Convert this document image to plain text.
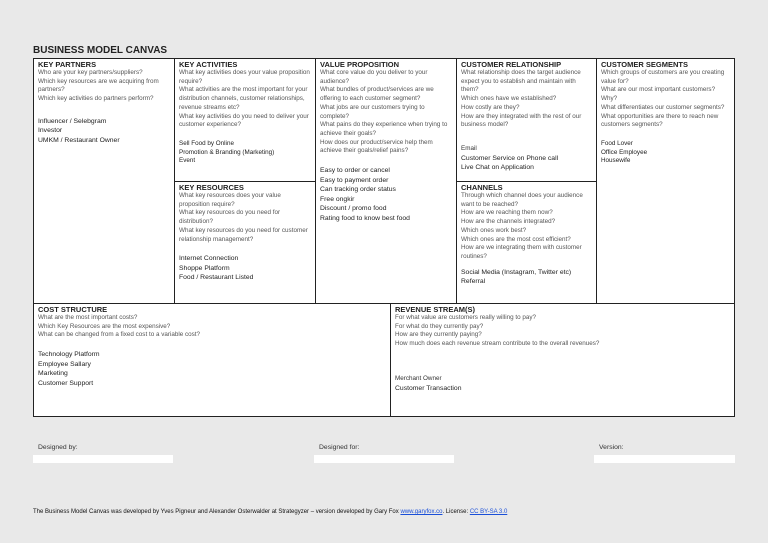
BUSINESS MODEL CANVAS
KEY PARTNERS

Who are your key partners/suppliers?

Which key resources are we acquiring from partners?

Which key activities do partners perform?

Influencer / Selebgram

Investor

UMKM / Restaurant Owner

KEY ACTIVITIES

What key activities does your value proposition require?

What activities are the most important for your distribution channels, customer relationships, revenue streams etc?

What key activities do you need to deliver your customer experience?

Sell Food by Online

Promotion & Branding (Marketing)

Event

KEY RESOURCES

What key resources does your value proposition require?

What key resources do you need for distribution?

What key resources do you need for customer relationship management?

Internet Connection

Shoppe Platform

Food / Restaurant Listed

VALUE PROPOSITION

What core value do you deliver to your audience?

What bundles of product/services are we offering to each customer segment?

What jobs are our customers trying to complete?

What pains do they experience when trying to achieve their goals?

How does our product/service help them achieve their goals/relief pains?

Easy to order or cancel

Easy to payment order

Can tracking order status

Free ongkir

Discount / promo food

Rating food to know best food

CUSTOMER RELATIONSHIP

What relationship does the target audience expect you to establish and maintain with them?

Which ones have we established?

How costly are they?

How are they integrated with the rest of our business model?

Email

Customer Service on Phone call

Live Chat on Application

CHANNELS

Through which channel does your audience want to be reached?

How are we reaching them now?

How are the channels integrated?

Which ones work best?

Which ones are the most cost efficient?

How are we integrating them with customer routines?

Social Media (Instagram, Twitter etc)

Referral

CUSTOMER SEGMENTS

Which groups of customers are you creating value for?

What are our most important customers?

Why?

What differentiates our customer segments?

What opportunities are there to reach new customers segments?

Food Lover

Office Employee

Housewife

COST STRUCTURE

What are the most important costs?

Which Key Resources are the most expensive?

What can be changed from a fixed cost to a variable cost?

Technology Platform

Employee Sallary

Marketing

Customer Support

REVENUE STREAM(S)

For what value are customers really willing to pay?

For what do they currently pay?

How are they currently paying?

How much does each revenue stream contribute to the overall revenues?

Merchant Owner

Customer Transaction

Designed by:	Designed for:	Version:
The Business Model Canvas was developed by Yves Pigneur and Alexander Osterwalder at Strategyzer – version developed by Gary Fox www.garyfox.co. License: CC BY-SA 3.0
